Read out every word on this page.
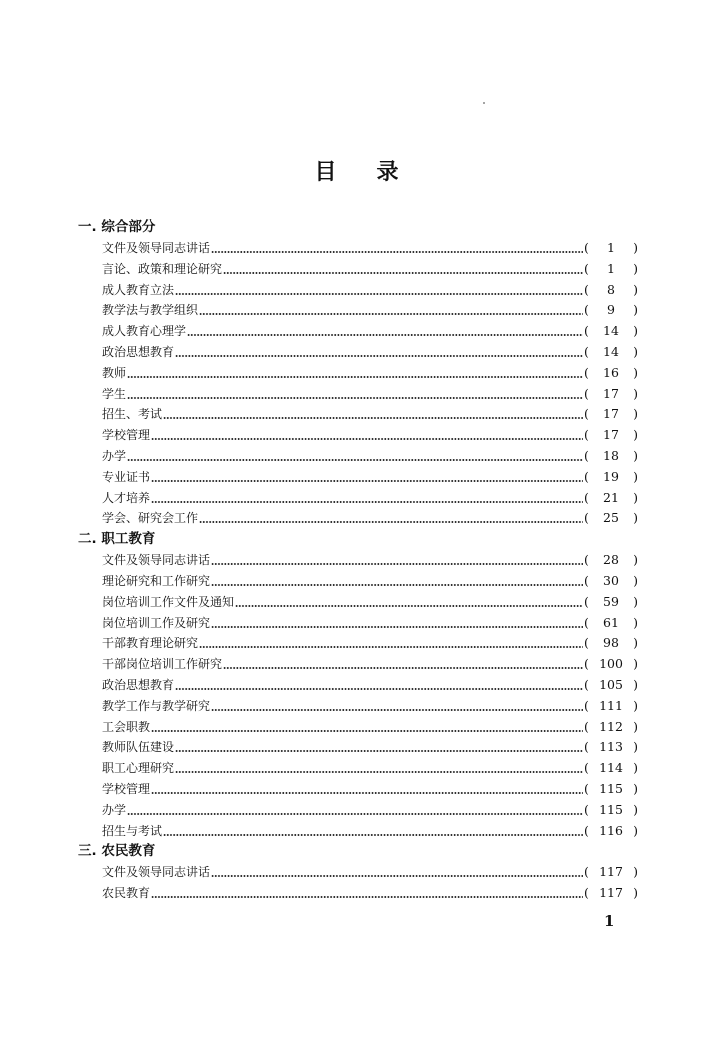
目 录
一. 综合部分
文件及领导同志讲话	(	1	)
言论、政策和理论研究	(	1	)
成人教育立法	(	8	)
教学法与教学组织	(	9	)
成人教育心理学	(	14	)
政治思想教育	(	14	)
教师	(	16	)
学生	(	17	)
招生、考试	(	17	)
学校管理	(	17	)
办学	(	18	)
专业证书	(	19	)
人才培养	(	21	)
学会、研究会工作	(	25	)
二. 职工教育
文件及领导同志讲话	(	28	)
理论研究和工作研究	(	30	)
岗位培训工作文件及通知	(	59	)
岗位培训工作及研究	(	61	)
干部教育理论研究	(	98	)
干部岗位培训工作研究	( 100 )
政治思想教育	( 105 )
教学工作与教学研究	( 111 )
工会职教	( 112 )
教师队伍建设	( 113 )
职工心理研究	( 114 )
学校管理	( 115 )
办学	( 115 )
招生与考试	( 116 )
三. 农民教育
文件及领导同志讲话	( 117 )
农民教育	( 117 )
1
